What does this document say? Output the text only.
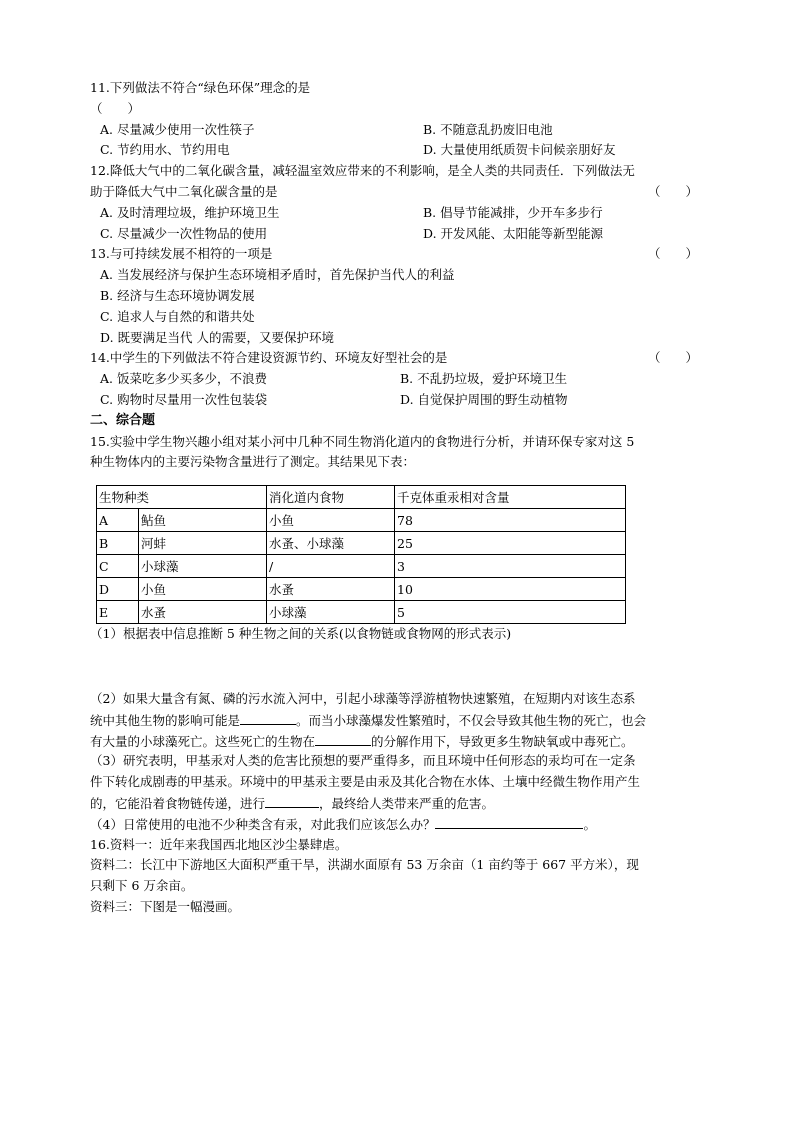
11.下列做法不符合“绿色环保”理念的是
（　　）
A. 尽量减少使用一次性筷子	B. 不随意乱扔废旧电池
C. 节约用水、节约用电	D. 大量使用纸质贺卡问候亲朋好友
12.降低大气中的二氧化碳含量，减轻温室效应带来的不利影响，是全人类的共同责任．下列做法无
助于降低大气中二氧化碳含量的是	（　　）
A. 及时清理垃圾，维护环境卫生	B. 倡导节能减排，少开车多步行
C. 尽量减少一次性物品的使用	D. 开发风能、太阳能等新型能源
13.与可持续发展不相符的一项是	（　　）
A. 当发展经济与保护生态环境相矛盾时，首先保护当代人的利益
B. 经济与生态环境协调发展
C. 追求人与自然的和谐共处
D. 既要满足当代 人的需要，又要保护环境
14.中学生的下列做法不符合建设资源节约、环境友好型社会的是	（　　）
A. 饭菜吃多少买多少，不浪费	B. 不乱扔垃圾，爱护环境卫生
C. 购物时尽量用一次性包装袋	D. 自觉保护周围的野生动植物
二、综合题
15.实验中学生物兴趣小组对某小河中几种不同生物消化道内的食物进行分析，并请环保专家对这 5
种生物体内的主要污染物含量进行了测定。其结果见下表：
生物种类		消化道内食物	千克体重汞相对含量
A	鲇鱼	小鱼	78
B	河蚌	水蚤、小球藻	25
C	小球藻	/	3
D	小鱼	水蚤	10
E	水蚤	小球藻	5
（1）根据表中信息推断 5 种生物之间的关系(以食物链或食物网的形式表示)
（2）如果大量含有氮、磷的污水流入河中，引起小球藻等浮游植物快速繁殖，在短期内对该生态系
统中其他生物的影响可能是	。而当小球藻爆发性繁殖时，不仅会导致其他生物的死亡，也会
有大量的小球藻死亡。这些死亡的生物在	的分解作用下，导致更多生物缺氧或中毒死亡。
（3）研究表明，甲基汞对人类的危害比预想的要严重得多，而且环境中任何形态的汞均可在一定条
件下转化成剧毒的甲基汞。环境中的甲基汞主要是由汞及其化合物在水体、土壤中经微生物作用产生
的，它能沿着食物链传递，进行	，最终给人类带来严重的危害。
（4）日常使用的电池不少种类含有汞，对此我们应该怎么办？	。
16.资料一：近年来我国西北地区沙尘暴肆虐。
资料二：长江中下游地区大面积严重干旱，洪湖水面原有 53 万余亩（1 亩约等于 667 平方米），现
只剩下 6 万余亩。
资料三：下图是一幅漫画。
